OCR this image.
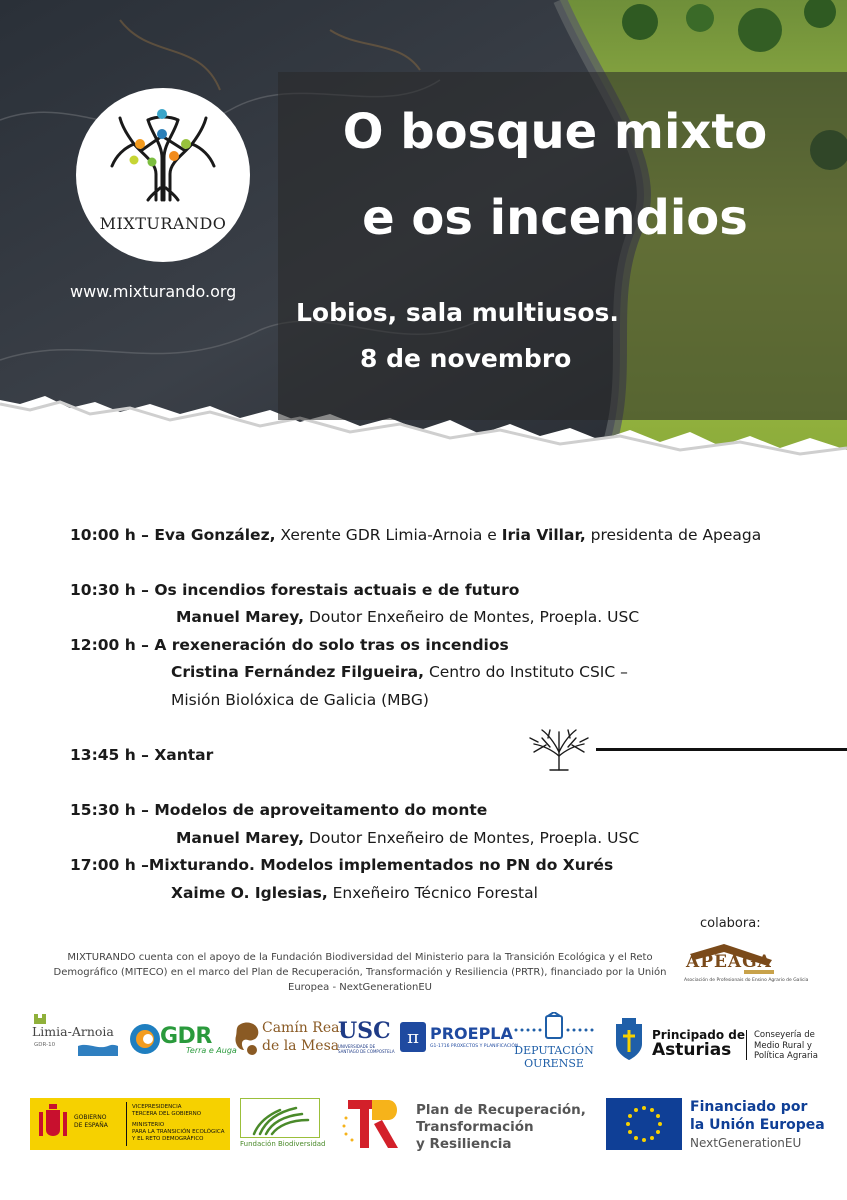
MIXTURANDO
www.mixturando.org
O bosque mixto
e os incendios
Lobios, sala multiusos.
8 de novembro
10:00 h – Eva González, Xerente GDR Limia-Arnoia e Iria Villar, presidenta de Apeaga
10:30 h – Os incendios forestais actuais e de futuro
Manuel Marey, Doutor Enxeñeiro de Montes, Proepla. USC
12:00 h – A rexeneración do solo tras os incendios
Cristina Fernández Filgueira, Centro do Instituto CSIC –
Misión Biolóxica de Galicia (MBG)
13:45 h – Xantar
15:30 h – Modelos de aproveitamento do monte
Manuel Marey, Doutor Enxeñeiro de Montes, Proepla. USC
17:00 h –Mixturando. Modelos implementados no PN do Xurés
Xaime O. Iglesias, Enxeñeiro Técnico Forestal
colabora:
APEAGA
Asociación de Profesionais do Ensino Agrario de Galicia
MIXTURANDO cuenta con el apoyo de la Fundación Biodiversidad del Ministerio para la Transición Ecológica y el Reto
Demográfico (MITECO) en el marco del Plan de Recuperación, Transformación y Resiliencia (PRTR), financiado por la Unión
Europea - NextGenerationEU
Limia-Arnoia
GDR-10	GDR
Terra e Auga
Camín Real
de la Mesa
USC
UNIVERSIDADE DE SANTIAGO DE COMPOSTELA
π PROEPLA
G1-1716 PROXECTOS Y PLANIFICACIÓN
DEPUTACIÓN
OURENSE
Principado de
Asturias
Conseyería de
Medio Rural y
Política Agraria
GOBIERNO
DE ESPAÑA
VICEPRESIDENCIA
TERCERA DEL GOBIERNO
MINISTERIO
PARA LA TRANSICIÓN ECOLÓGICA
Y EL RETO DEMOGRÁFICO
Fundación Biodiversidad
Plan de Recuperación,
Transformación
y Resiliencia
Financiado por
la Unión Europea
NextGenerationEU
